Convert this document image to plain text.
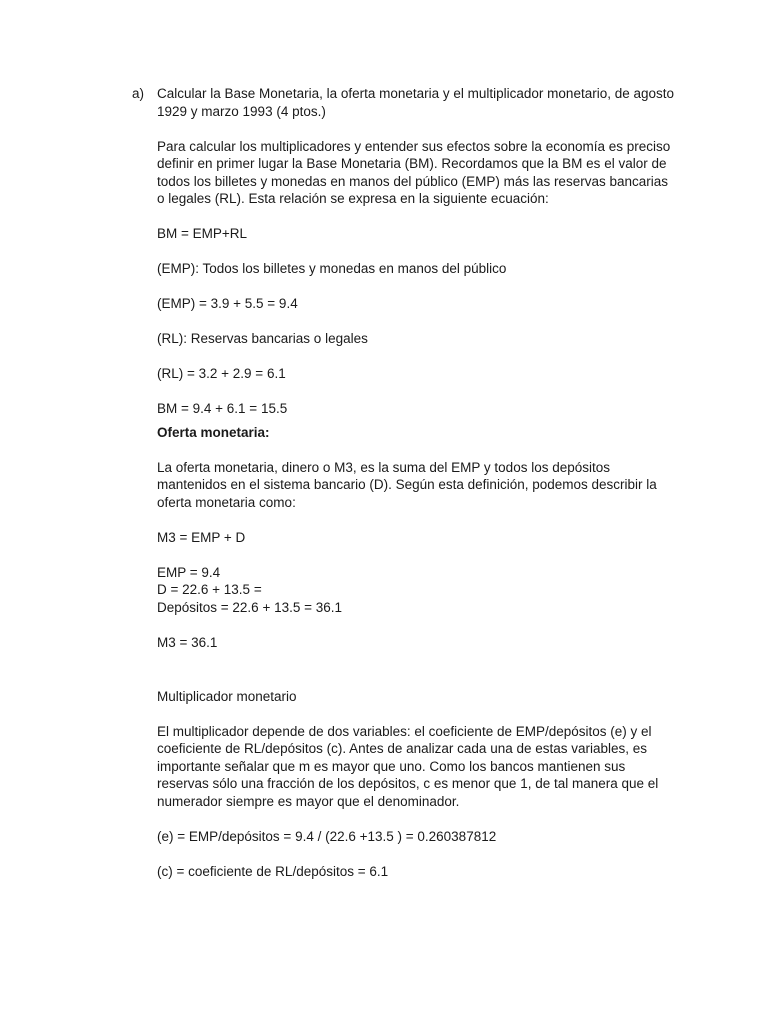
a) Calcular la Base Monetaria, la oferta monetaria y el multiplicador monetario, de agosto 1929 y marzo 1993 (4 ptos.)

Para calcular los multiplicadores y entender sus efectos sobre la economía es preciso definir en primer lugar la Base Monetaria (BM). Recordamos que la BM es el valor de todos los billetes y monedas en manos del público (EMP) más las reservas bancarias o legales (RL). Esta relación se expresa en la siguiente ecuación:

BM = EMP+RL

(EMP): Todos los billetes y monedas en manos del público

(EMP) = 3.9 + 5.5 = 9.4

(RL): Reservas bancarias o legales

(RL) = 3.2 + 2.9 = 6.1

BM = 9.4 + 6.1 = 15.5

Oferta monetaria:

La oferta monetaria, dinero o M3, es la suma del EMP y todos los depósitos mantenidos en el sistema bancario (D). Según esta definición, podemos describir la oferta monetaria como:

M3 = EMP + D

EMP = 9.4

D = 22.6 + 13.5 =

Depósitos = 22.6 + 13.5 = 36.1

M3 = 36.1

Multiplicador monetario

El multiplicador depende de dos variables: el coeficiente de EMP/depósitos (e) y el coeficiente de RL/depósitos (c). Antes de analizar cada una de estas variables, es importante señalar que m es mayor que uno. Como los bancos mantienen sus reservas sólo una fracción de los depósitos, c es menor que 1, de tal manera que el numerador siempre es mayor que el denominador.

(e) = EMP/depósitos = 9.4 / (22.6 +13.5 ) = 0.260387812

(c) = coeficiente de RL/depósitos = 6.1
